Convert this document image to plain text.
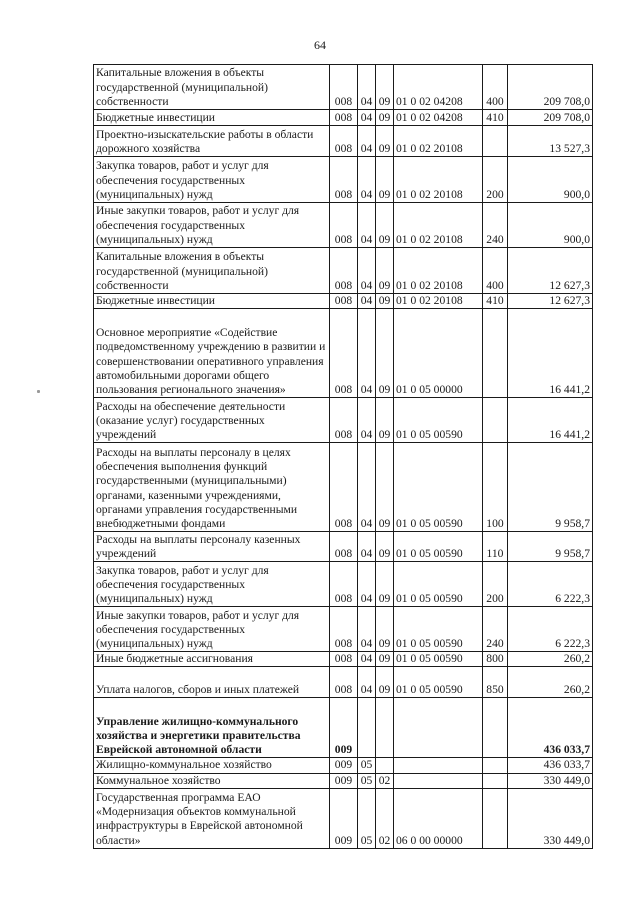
64
Капитальные вложения в объекты государственной (муниципальной) собственности	008	04	09	01 0 02 04208	400	209 708,0
Бюджетные инвестиции	008	04	09	01 0 02 04208	410	209 708,0
Проектно-изыскательские работы в области дорожного хозяйства	008	04	09	01 0 02 20108		13 527,3
Закупка товаров, работ и услуг для обеспечения государственных (муниципальных) нужд	008	04	09	01 0 02 20108	200	900,0
Иные закупки товаров, работ и услуг для обеспечения государственных (муниципальных) нужд	008	04	09	01 0 02 20108	240	900,0
Капитальные вложения в объекты государственной (муниципальной) собственности	008	04	09	01 0 02 20108	400	12 627,3
Бюджетные инвестиции	008	04	09	01 0 02 20108	410	12 627,3
Основное мероприятие «Содействие подведомственному учреждению в развитии и совершенствовании оперативного управления автомобильными дорогами общего пользования регионального значения»	008	04	09	01 0 05 00000		16 441,2
Расходы на обеспечение деятельности (оказание услуг) государственных учреждений	008	04	09	01 0 05 00590		16 441,2
Расходы на выплаты персоналу в целях обеспечения выполнения функций государственными (муниципальными) органами, казенными учреждениями, органами управления государственными внебюджетными фондами	008	04	09	01 0 05 00590	100	9 958,7
Расходы на выплаты персоналу казенных учреждений	008	04	09	01 0 05 00590	110	9 958,7
Закупка товаров, работ и услуг для обеспечения государственных (муниципальных) нужд	008	04	09	01 0 05 00590	200	6 222,3
Иные закупки товаров, работ и услуг для обеспечения государственных (муниципальных) нужд	008	04	09	01 0 05 00590	240	6 222,3
Иные бюджетные ассигнования	008	04	09	01 0 05 00590	800	260,2
Уплата налогов, сборов и иных платежей	008	04	09	01 0 05 00590	850	260,2
Управление жилищно-коммунального хозяйства и энергетики правительства Еврейской автономной области	009					436 033,7
Жилищно-коммунальное хозяйство	009	05				436 033,7
Коммунальное хозяйство	009	05	02			330 449,0
Государственная программа ЕАО «Модернизация объектов коммунальной инфраструктуры в Еврейской автономной области»	009	05	02	06 0 00 00000		330 449,0
